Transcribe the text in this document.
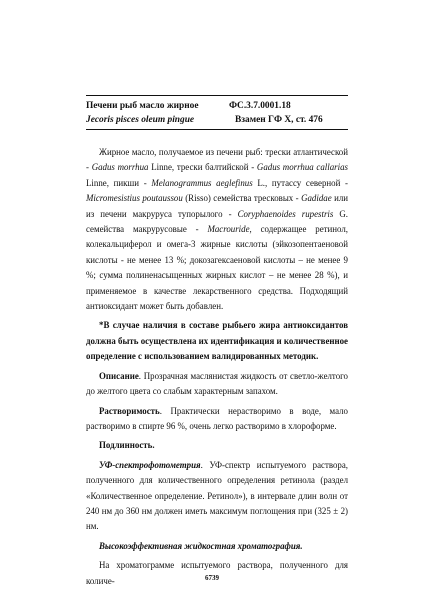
Печени рыб масло жирное	ФС.3.7.0001.18
Jecoris pisces oleum pingue	Взамен ГФ X, ст. 476

Жирное масло, получаемое из печени рыб: трески атлантической - Gadus morrhua Linne, трески балтийской - Gadus morrhua callarias Linne, пикши - Melanogrammus aeglefinus L., путассу северной - Micromesistius poutaussou (Risso) семейства тресковых - Gadidae или из печени макруруса тупорылого - Coryphaenoides rupestris G. семейства макрурусовые - Macrouride, содержащее ретинол, колекальциферол и омега-3 жирные кислоты (эйкозопентаеновой кислоты - не менее 13 %; докозагексаеновой кислоты – не менее 9 %; сумма полиненасыщенных жирных кислот – не менее 28 %), и применяемое в качестве лекарственного средства. Подходящий антиоксидант может быть добавлен.

*В случае наличия в составе рыбьего жира антиоксидантов должна быть осуществлена их идентификация и количественное определение с использованием валидированных методик.

Описание. Прозрачная маслянистая жидкость от светло-желтого до желтого цвета со слабым характерным запахом.

Растворимость. Практически нерастворимо в воде, мало растворимо в спирте 96 %, очень легко растворимо в хлороформе.

Подлинность.

УФ-спектрофотометрия. УФ-спектр испытуемого раствора, полученного для количественного определения ретинола (раздел «Количественное определение. Ретинол»), в интервале длин волн от 240 нм до 360 нм должен иметь максимум поглощения при (325 ± 2) нм.

Высокоэффективная жидкостная хроматография.

На хроматограмме испытуемого раствора, полученного для количе-	6739
